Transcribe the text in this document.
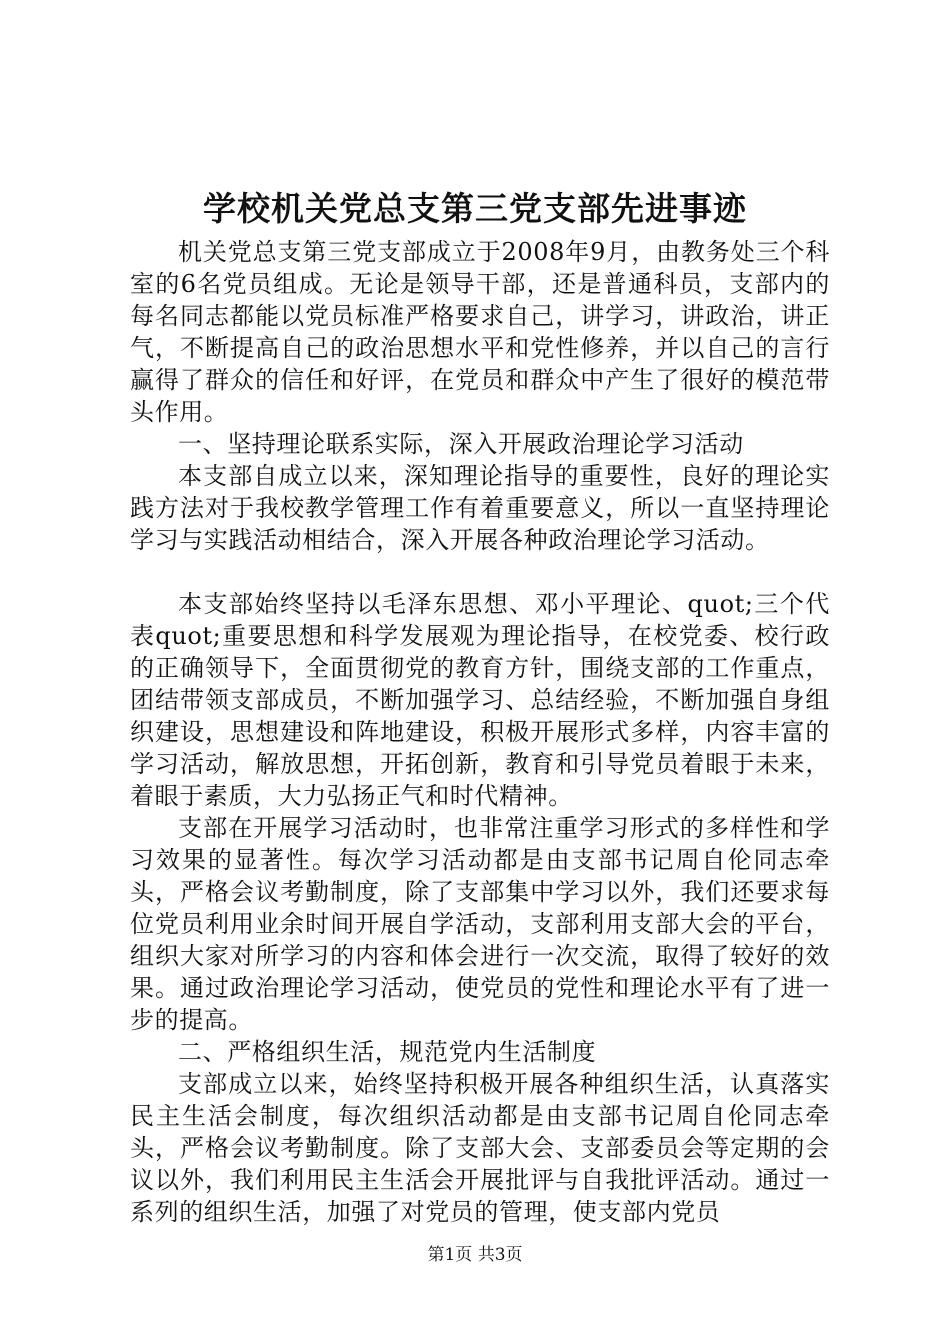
学校机关党总支第三党支部先进事迹

机关党总支第三党支部成立于2008年9月，由教务处三个科室的6名党员组成。无论是领导干部，还是普通科员，支部内的每名同志都能以党员标准严格要求自己，讲学习，讲政治，讲正气，不断提高自己的政治思想水平和党性修养，并以自己的言行赢得了群众的信任和好评，在党员和群众中产生了很好的模范带头作用。

一、坚持理论联系实际，深入开展政治理论学习活动

本支部自成立以来，深知理论指导的重要性，良好的理论实践方法对于我校教学管理工作有着重要意义，所以一直坚持理论学习与实践活动相结合，深入开展各种政治理论学习活动。

本支部始终坚持以毛泽东思想、邓小平理论、quot;三个代表quot;重要思想和科学发展观为理论指导，在校党委、校行政的正确领导下，全面贯彻党的教育方针，围绕支部的工作重点，团结带领支部成员，不断加强学习、总结经验，不断加强自身组织建设，思想建设和阵地建设，积极开展形式多样，内容丰富的学习活动，解放思想，开拓创新，教育和引导党员着眼于未来，着眼于素质，大力弘扬正气和时代精神。

支部在开展学习活动时，也非常注重学习形式的多样性和学习效果的显著性。每次学习活动都是由支部书记周自伦同志牵头，严格会议考勤制度，除了支部集中学习以外，我们还要求每位党员利用业余时间开展自学活动，支部利用支部大会的平台，组织大家对所学习的内容和体会进行一次交流，取得了较好的效果。通过政治理论学习活动，使党员的党性和理论水平有了进一步的提高。

二、严格组织生活，规范党内生活制度

支部成立以来，始终坚持积极开展各种组织生活，认真落实民主生活会制度，每次组织活动都是由支部书记周自伦同志牵头，严格会议考勤制度。除了支部大会、支部委员会等定期的会议以外，我们利用民主生活会开展批评与自我批评活动。通过一系列的组织生活，加强了对党员的管理，使支部内党员

第1页 共3页
